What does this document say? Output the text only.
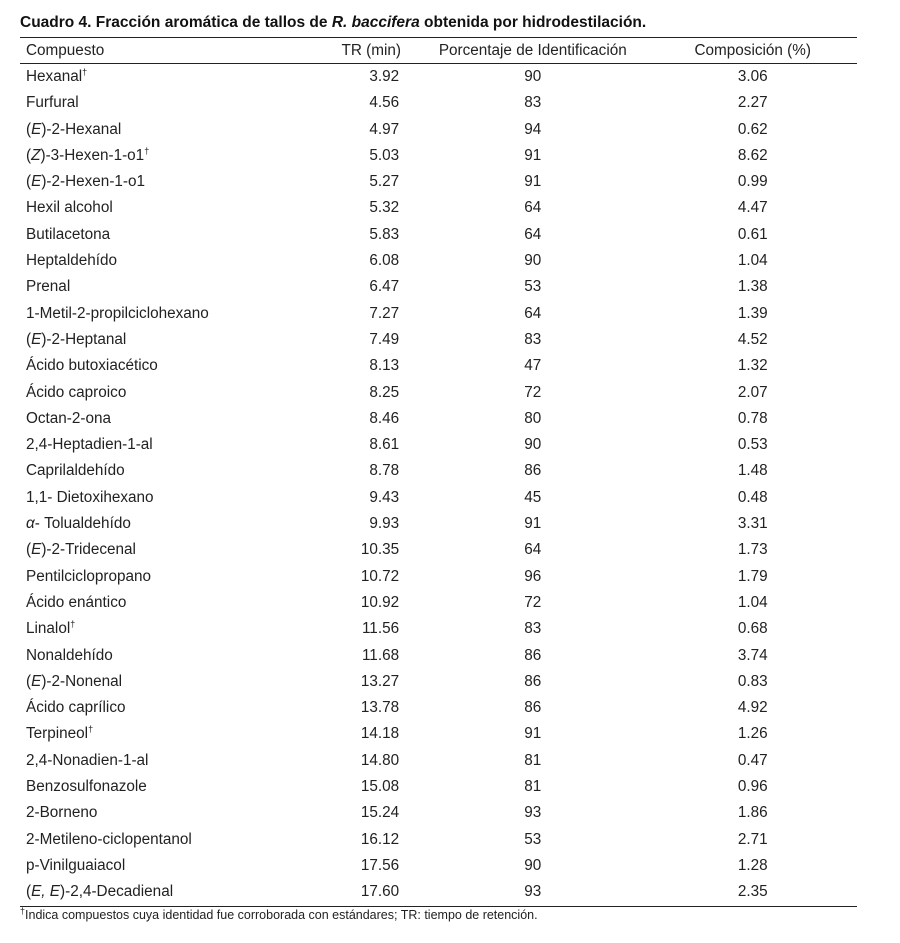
Cuadro 4. Fracción aromática de tallos de R. baccifera obtenida por hidrodestilación.
Compuesto	TR (min)	Porcentaje de Identificación	Composición (%)
Hexanal†	3.92	90	3.06
Furfural	4.56	83	2.27
(E)-2-Hexanal	4.97	94	0.62
(Z)-3-Hexen-1-o1†	5.03	91	8.62
(E)-2-Hexen-1-o1	5.27	91	0.99
Hexil alcohol	5.32	64	4.47
Butilacetona	5.83	64	0.61
Heptaldehído	6.08	90	1.04
Prenal	6.47	53	1.38
1-Metil-2-propilciclohexano	7.27	64	1.39
(E)-2-Heptanal	7.49	83	4.52
Ácido butoxiacético	8.13	47	1.32
Ácido caproico	8.25	72	2.07
Octan-2-ona	8.46	80	0.78
2,4-Heptadien-1-al	8.61	90	0.53
Caprilaldehído	8.78	86	1.48
1,1- Dietoxihexano	9.43	45	0.48
α- Tolualdehído	9.93	91	3.31
(E)-2-Tridecenal	10.35	64	1.73
Pentilciclopropano	10.72	96	1.79
Ácido enántico	10.92	72	1.04
Linalol†	11.56	83	0.68
Nonaldehído	11.68	86	3.74
(E)-2-Nonenal	13.27	86	0.83
Ácido caprílico	13.78	86	4.92
Terpineol†	14.18	91	1.26
2,4-Nonadien-1-al	14.80	81	0.47
Benzosulfonazole	15.08	81	0.96
2-Borneno	15.24	93	1.86
2-Metileno-ciclopentanol	16.12	53	2.71
p-Vinilguaiacol	17.56	90	1.28
(E, E)-2,4-Decadienal	17.60	93	2.35
†Indica compuestos cuya identidad fue corroborada con estándares; TR: tiempo de retención.
